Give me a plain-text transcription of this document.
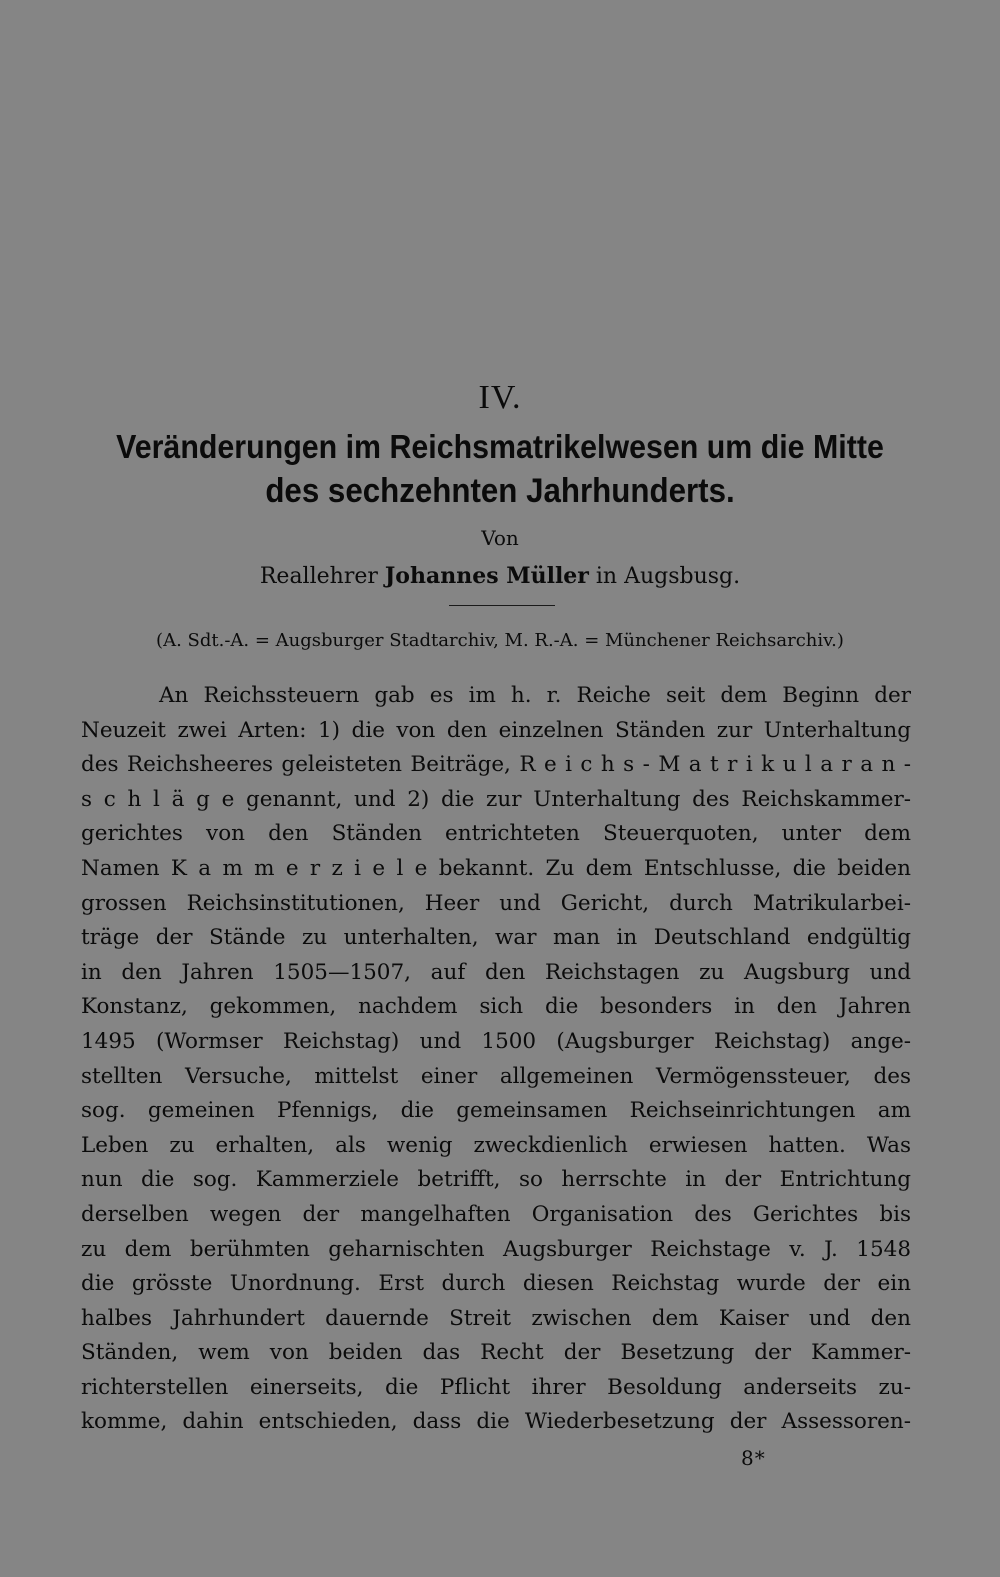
IV.
Veränderungen im Reichsmatrikelwesen um die Mitte
des sechzehnten Jahrhunderts.
Von
Reallehrer Johannes Müller in Augsbusg.
(A. Sdt.-A. = Augsburger Stadtarchiv, M. R.-A. = Münchener Reichsarchiv.)
An Reichssteuern gab es im h. r. Reiche seit dem Beginn der
Neuzeit zwei Arten: 1) die von den einzelnen Ständen zur Unterhaltung
des Reichsheeres geleisteten Beiträge, R e i c h s - M a t r i k u l a r a n -
s c h l ä g e genannt, und 2) die zur Unterhaltung des Reichskammer-
gerichtes von den Ständen entrichteten Steuerquoten, unter dem
Namen K a m m e r z i e l e bekannt. Zu dem Entschlusse, die beiden
grossen Reichsinstitutionen, Heer und Gericht, durch Matrikularbei-
träge der Stände zu unterhalten, war man in Deutschland endgültig
in den Jahren 1505—1507, auf den Reichstagen zu Augsburg und
Konstanz, gekommen, nachdem sich die besonders in den Jahren
1495 (Wormser Reichstag) und 1500 (Augsburger Reichstag) ange-
stellten Versuche, mittelst einer allgemeinen Vermögenssteuer, des
sog. gemeinen Pfennigs, die gemeinsamen Reichseinrichtungen am
Leben zu erhalten, als wenig zweckdienlich erwiesen hatten. Was
nun die sog. Kammerziele betrifft, so herrschte in der Entrichtung
derselben wegen der mangelhaften Organisation des Gerichtes bis
zu dem berühmten geharnischten Augsburger Reichstage v. J. 1548
die grösste Unordnung. Erst durch diesen Reichstag wurde der ein
halbes Jahrhundert dauernde Streit zwischen dem Kaiser und den
Ständen, wem von beiden das Recht der Besetzung der Kammer-
richterstellen einerseits, die Pflicht ihrer Besoldung anderseits zu-
komme, dahin entschieden, dass die Wiederbesetzung der Assessoren-
8*
